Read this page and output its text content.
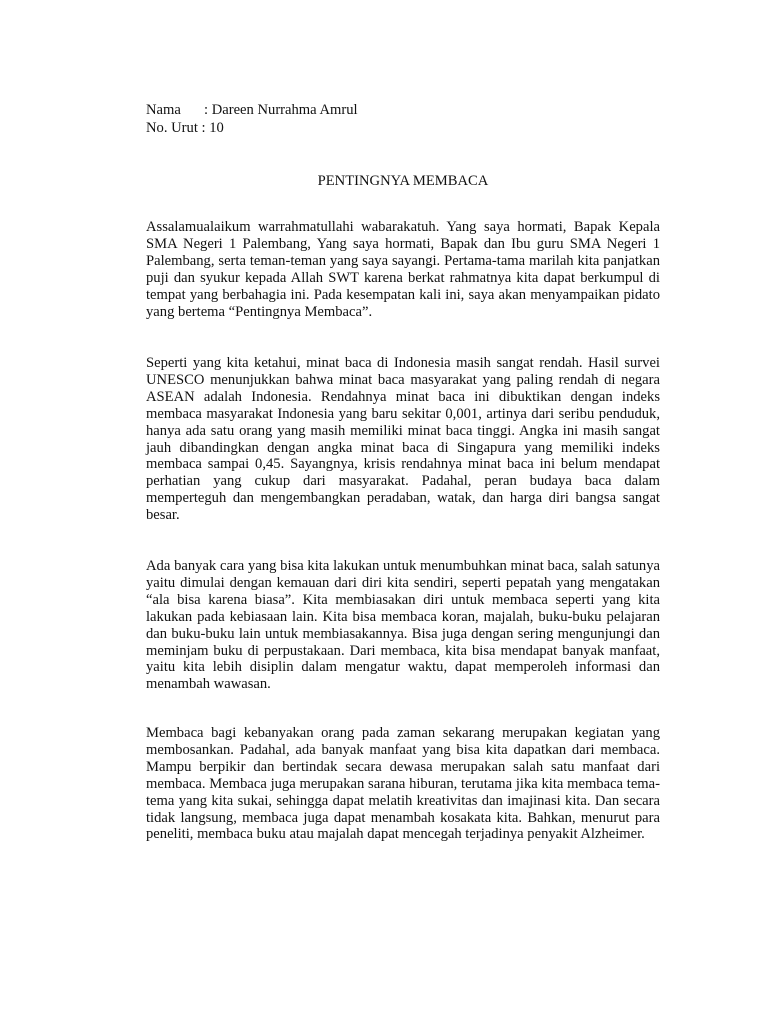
Nama : Dareen Nurrahma Amrul
No. Urut : 10
PENTINGNYA MEMBACA

Assalamualaikum warrahmatullahi wabarakatuh. Yang saya hormati, Bapak Kepala SMA Negeri 1 Palembang, Yang saya hormati, Bapak dan Ibu guru SMA Negeri 1 Palembang, serta teman-teman yang saya sayangi. Pertama-tama marilah kita panjatkan puji dan syukur kepada Allah SWT karena berkat rahmatnya kita dapat berkumpul di tempat yang berbahagia ini. Pada kesempatan kali ini, saya akan menyampaikan pidato yang bertema “Pentingnya Membaca”.

Seperti yang kita ketahui, minat baca di Indonesia masih sangat rendah. Hasil survei UNESCO menunjukkan bahwa minat baca masyarakat yang paling rendah di negara ASEAN adalah Indonesia. Rendahnya minat baca ini dibuktikan dengan indeks membaca masyarakat Indonesia yang baru sekitar 0,001, artinya dari seribu penduduk, hanya ada satu orang yang masih memiliki minat baca tinggi. Angka ini masih sangat jauh dibandingkan dengan angka minat baca di Singapura yang memiliki indeks membaca sampai 0,45. Sayangnya, krisis rendahnya minat baca ini belum mendapat perhatian yang cukup dari masyarakat. Padahal, peran budaya baca dalam memperteguh dan mengembangkan peradaban, watak, dan harga diri bangsa sangat besar.

Ada banyak cara yang bisa kita lakukan untuk menumbuhkan minat baca, salah satunya yaitu dimulai dengan kemauan dari diri kita sendiri, seperti pepatah yang mengatakan “ala bisa karena biasa”. Kita membiasakan diri untuk membaca seperti yang kita lakukan pada kebiasaan lain. Kita bisa membaca koran, majalah, buku-buku pelajaran dan buku-buku lain untuk membiasakannya. Bisa juga dengan sering mengunjungi dan meminjam buku di perpustakaan. Dari membaca, kita bisa mendapat banyak manfaat, yaitu kita lebih disiplin dalam mengatur waktu, dapat memperoleh informasi dan menambah wawasan.

Membaca bagi kebanyakan orang pada zaman sekarang merupakan kegiatan yang membosankan. Padahal, ada banyak manfaat yang bisa kita dapatkan dari membaca. Mampu berpikir dan bertindak secara dewasa merupakan salah satu manfaat dari membaca. Membaca juga merupakan sarana hiburan, terutama jika kita membaca tema-tema yang kita sukai, sehingga dapat melatih kreativitas dan imajinasi kita. Dan secara tidak langsung, membaca juga dapat menambah kosakata kita. Bahkan, menurut para peneliti, membaca buku atau majalah dapat mencegah terjadinya penyakit Alzheimer.
